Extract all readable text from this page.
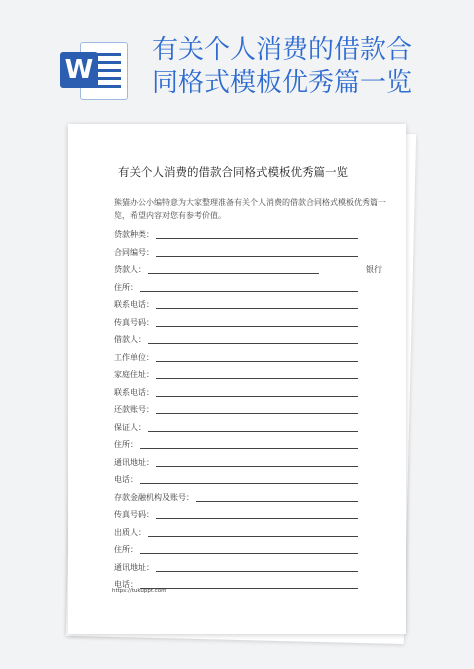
W
有关个人消费的借款合
同格式模板优秀篇一览
有关个人消费的借款合同格式模板优秀篇一览
熊猫办公小编特意为大家整理准备有关个人消费的借款合同格式模板优秀篇一览，希望内容对您有参考价值。
贷款种类：
合同编号：
贷款人：	银行
住所：
联系电话：
传真号码：
借款人：
工作单位：
家庭住址：
联系电话：
还款账号：
保证人：
住所：
通讯地址：
电话：
存款金融机构及账号：
传真号码：
出质人：
住所：
通讯地址：
电话：
https://tukuppt.com
